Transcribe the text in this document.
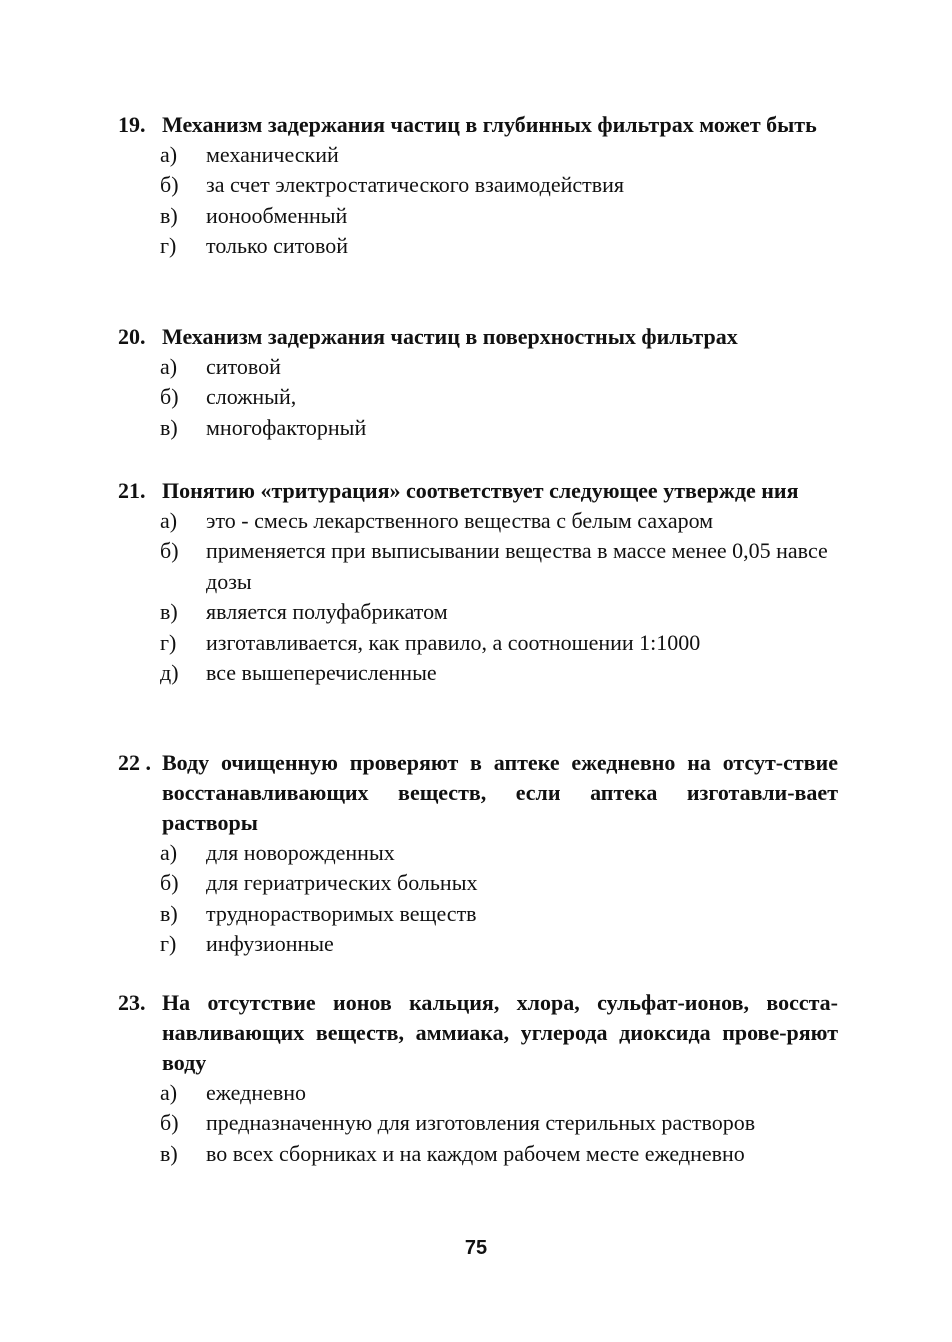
19. Механизм задержания частиц в глубинных фильтрах может быть
а) механический
б) за счет электростатического взаимодействия
в) ионообменный
г) только ситовой
20. Механизм задержания частиц в поверхностных фильтрах
а) ситовой
б) сложный,
в) многофакторный
21. Понятию «тритурация» соответствует следующее утвержде ния
а) это - смесь лекарственного вещества с белым сахаром
б) применяется при выписывании вещества в массе менее 0,05 навсе дозы
в) является полуфабрикатом
г) изготавливается, как правило, а соотношении 1:1000
д) все вышеперечисленные
22 . Воду очищенную проверяют в аптеке ежедневно на отсут-ствие восстанавливающих веществ, если аптека изготавли-вает растворы
а) для новорожденных
б) для гериатрических больных
в) труднорастворимых веществ
г) инфузионные
23. На отсутствие ионов кальция, хлора, сульфат-ионов, восста-навливающих веществ, аммиака, углерода диоксида прове-ряют воду
а) ежедневно
б) предназначенную для изготовления стерильных растворов
в) во всех сборниках и на каждом рабочем месте ежедневно
75
